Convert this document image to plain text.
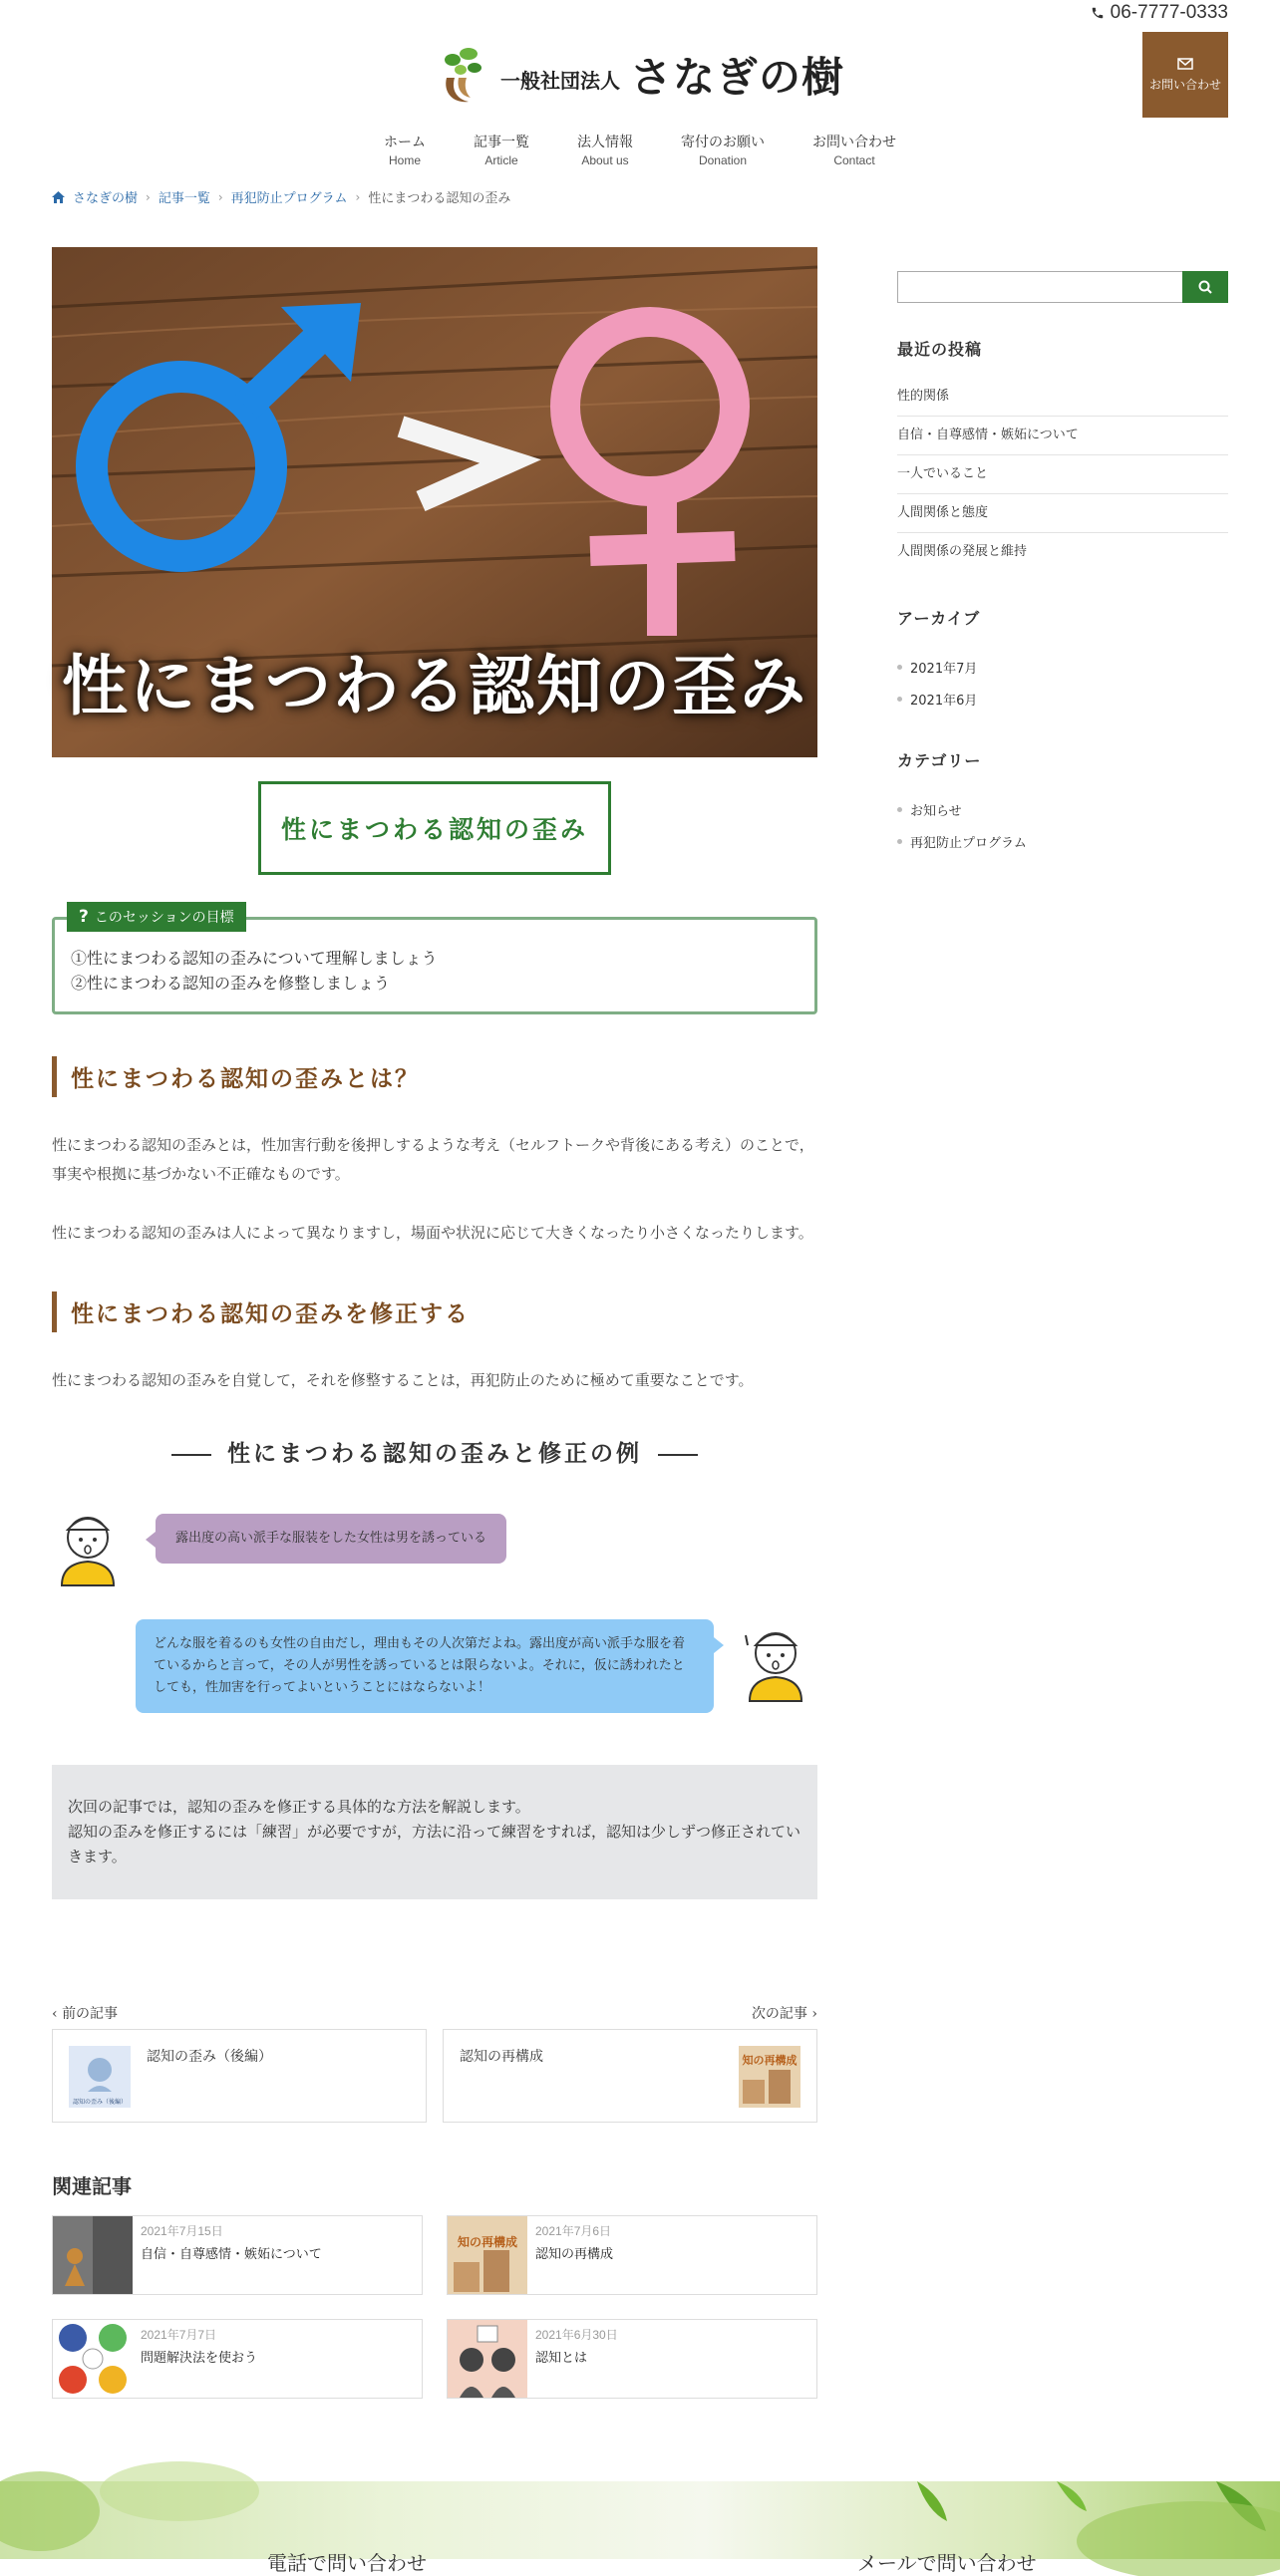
06-7777-0333
一般社団法人 さなぎの樹	お問い合わせ
ホーム
Home
記事一覧
Article
法人情報
About us
寄付のお願い
Donation
お問い合わせ
Contact
さなぎの樹 › 記事一覧 › 再犯防止プログラム › 性にまつわる認知の歪み
性にまつわる認知の歪み
性にまつわる認知の歪み
? このセッションの目標
①性にまつわる認知の歪みについて理解しましょう
②性にまつわる認知の歪みを修整しましょう
性にまつわる認知の歪みとは？

性にまつわる認知の歪みとは，性加害行動を後押しするような考え（セルフトークや背後にある考え）のことで，事実や根拠に基づかない不正確なものです。

性にまつわる認知の歪みは人によって異なりますし，場面や状況に応じて大きくなったり小さくなったりします。

性にまつわる認知の歪みを修正する

性にまつわる認知の歪みを自覚して，それを修整することは，再犯防止のために極めて重要なことです。

性にまつわる認知の歪みと修正の例
露出度の高い派手な服装をした女性は男を誘っている
どんな服を着るのも女性の自由だし，理由もその人次第だよね。露出度が高い派手な服を着ているからと言って，その人が男性を誘っているとは限らないよ。それに，仮に誘われたとしても，性加害を行ってよいということにはならないよ！
次回の記事では，認知の歪みを修正する具体的な方法を解説します。
認知の歪みを修正するには「練習」が必要ですが，方法に沿って練習をすれば，認知は少しずつ修正されていきます。
‹ 前の記事	次の記事 ›
認知の歪み（後編）
認知の歪み（後編）	認知の再構成	知の再構成
関連記事
2021年7月15日
自信・自尊感情・嫉妬について
知の再構成
2021年7月6日
認知の再構成
2021年7月7日
問題解決法を使おう
2021年6月30日
認知とは
最近の投稿
性的関係
自信・自尊感情・嫉妬について
一人でいること
人間関係と態度
人間関係の発展と維持
アーカイブ
2021年7月
2021年6月
カテゴリー
お知らせ
再犯防止プログラム
電話で問い合わせ	メールで問い合わせ
